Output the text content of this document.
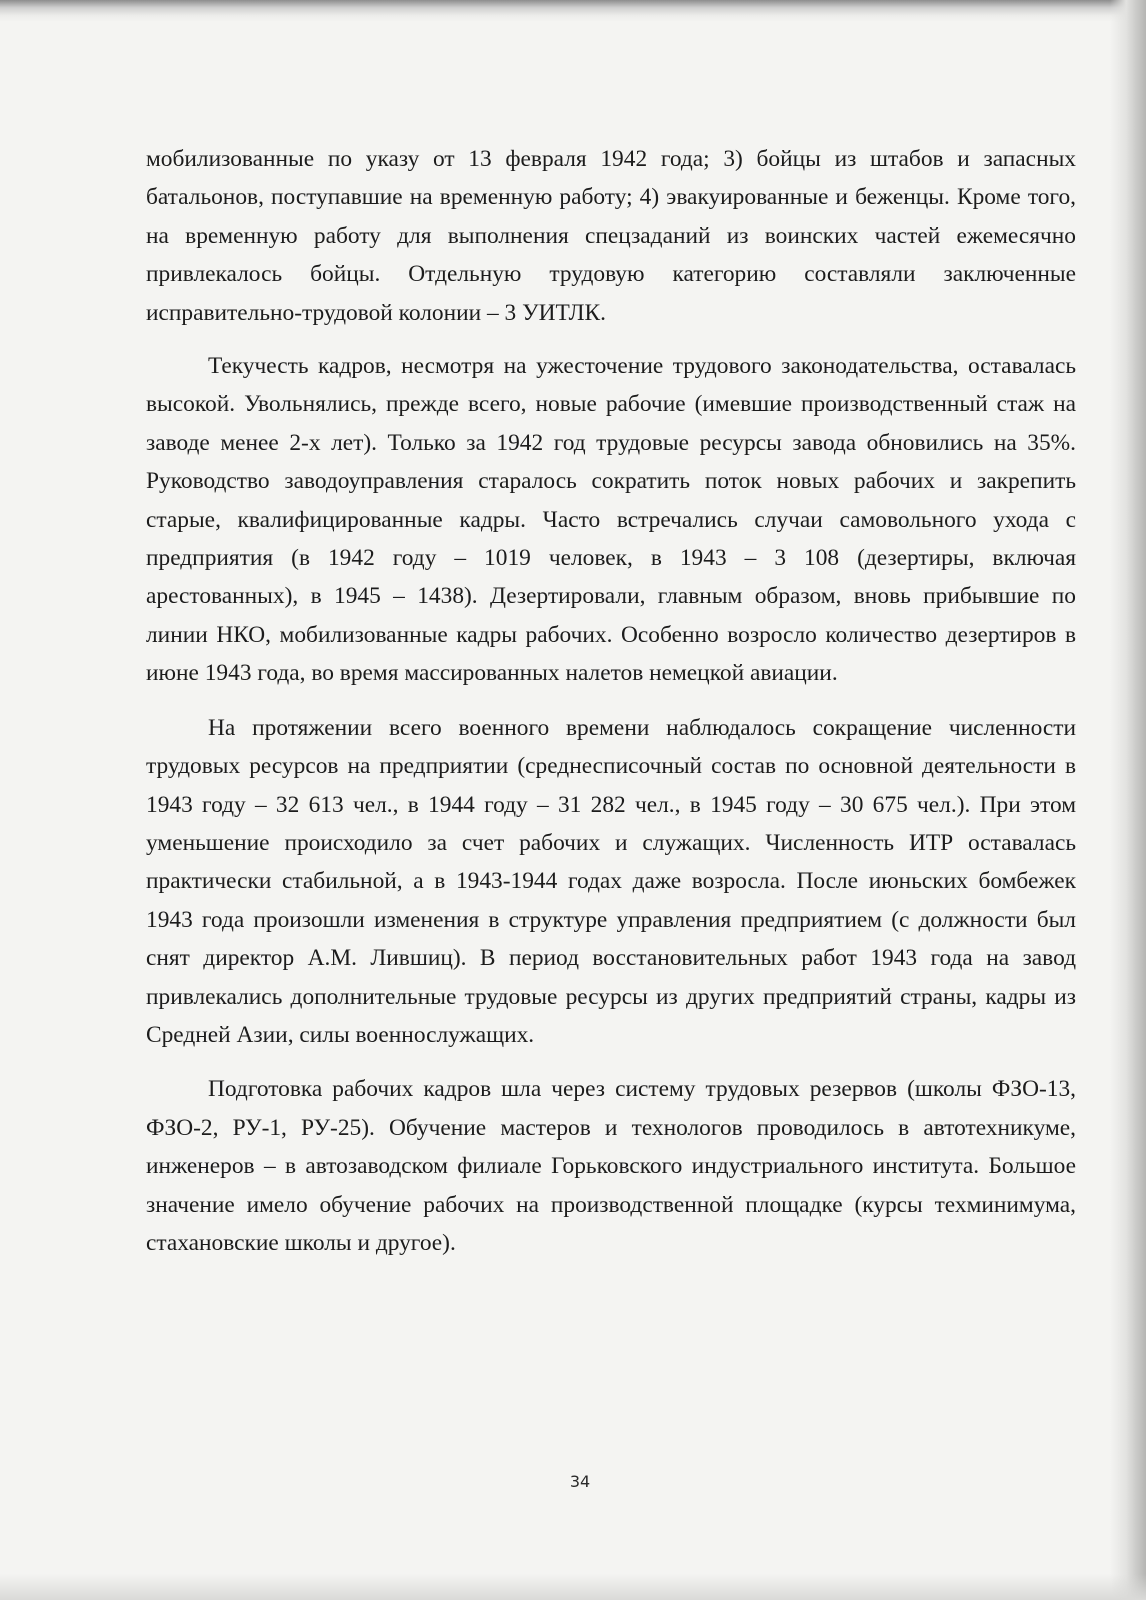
мобилизованные по указу от 13 февраля 1942 года; 3) бойцы из штабов и запасных батальонов, поступавшие на временную работу; 4) эвакуированные и беженцы. Кроме того, на временную работу для выполнения спецзаданий из воинских частей ежемесячно привлекалось бойцы. Отдельную трудовую категорию составляли заключенные исправительно-трудовой колонии – 3 УИТЛК.

Текучесть кадров, несмотря на ужесточение трудового законодательства, оставалась высокой. Увольнялись, прежде всего, новые рабочие (имевшие производственный стаж на заводе менее 2-х лет). Только за 1942 год трудовые ресурсы завода обновились на 35%. Руководство заводоуправления старалось сократить поток новых рабочих и закрепить старые, квалифицированные кадры. Часто встречались случаи самовольного ухода с предприятия (в 1942 году – 1019 человек, в 1943 – 3 108 (дезертиры, включая арестованных), в 1945 – 1438). Дезертировали, главным образом, вновь прибывшие по линии НКО, мобилизованные кадры рабочих. Особенно возросло количество дезертиров в июне 1943 года, во время массированных налетов немецкой авиации.

На протяжении всего военного времени наблюдалось сокращение численности трудовых ресурсов на предприятии (среднесписочный состав по основной деятельности в 1943 году – 32 613 чел., в 1944 году – 31 282 чел., в 1945 году – 30 675 чел.). При этом уменьшение происходило за счет рабочих и служащих. Численность ИТР оставалась практически стабильной, а в 1943-1944 годах даже возросла. После июньских бомбежек 1943 года произошли изменения в структуре управления предприятием (с должности был снят директор А.М. Лившиц). В период восстановительных работ 1943 года на завод привлекались дополнительные трудовые ресурсы из других предприятий страны, кадры из Средней Азии, силы военнослужащих.

Подготовка рабочих кадров шла через систему трудовых резервов (школы ФЗО-13, ФЗО-2, РУ-1, РУ-25). Обучение мастеров и технологов проводилось в автотехникуме, инженеров – в автозаводском филиале Горьковского индустриального института. Большое значение имело обучение рабочих на производственной площадке (курсы техминимума, стахановские школы и другое).

34
